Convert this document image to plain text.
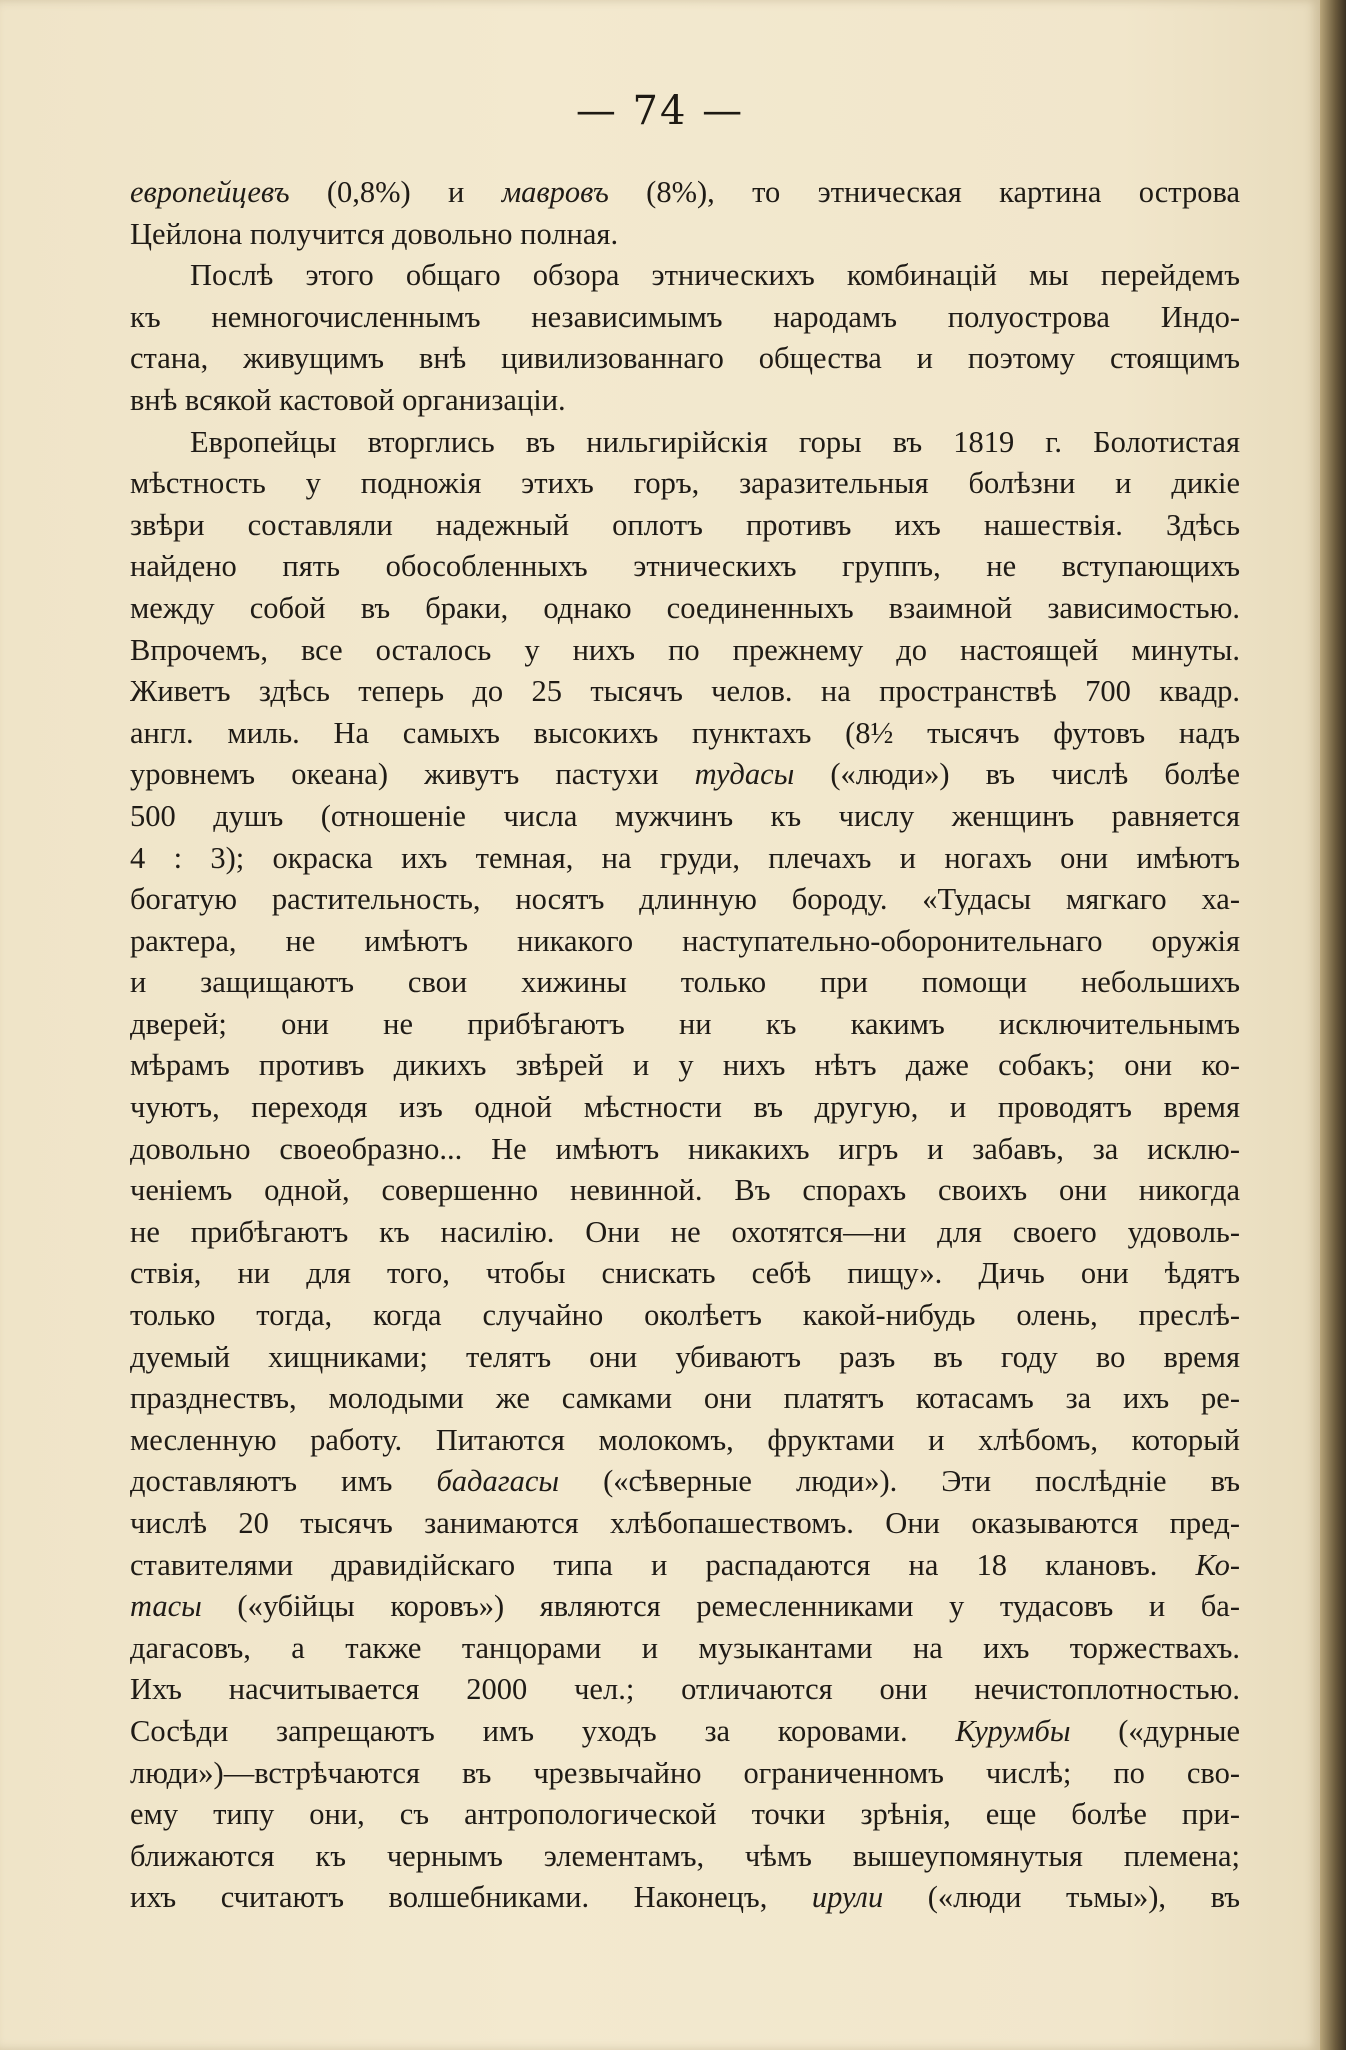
— 74 —

европейцевъ (0,8%) и мавровъ (8%), то этническая картина острова

Цейлона получится довольно полная.

Послѣ этого общаго обзора этническихъ комбинацій мы перейдемъ

къ немногочисленнымъ независимымъ народамъ полуострова Индо-

стана, живущимъ внѣ цивилизованнаго общества и поэтому стоящимъ

внѣ всякой кастовой организаціи.

Европейцы вторглись въ нильгирійскія горы въ 1819 г. Болотистая

мѣстность у подножія этихъ горъ, заразительныя болѣзни и дикіе

звѣри составляли надежный оплотъ противъ ихъ нашествія. Здѣсь

найдено пять обособленныхъ этническихъ группъ, не вступающихъ

между собой въ браки, однако соединенныхъ взаимной зависимостью.

Впрочемъ, все осталось у нихъ по прежнему до настоящей минуты.

Живетъ здѣсь теперь до 25 тысячъ челов. на пространствѣ 700 квадр.

англ. миль. На самыхъ высокихъ пунктахъ (8½ тысячъ футовъ надъ

уровнемъ океана) живутъ пастухи тудасы («люди») въ числѣ болѣе

500 душъ (отношеніе числа мужчинъ къ числу женщинъ равняется

4 : 3); окраска ихъ темная, на груди, плечахъ и ногахъ они имѣютъ

богатую растительность, носятъ длинную бороду. «Тудасы мягкаго ха-

рактера, не имѣютъ никакого наступательно-оборонительнаго оружія

и защищаютъ свои хижины только при помощи небольшихъ

дверей; они не прибѣгаютъ ни къ какимъ исключительнымъ

мѣрамъ противъ дикихъ звѣрей и у нихъ нѣтъ даже собакъ; они ко-

чуютъ, переходя изъ одной мѣстности въ другую, и проводятъ время

довольно своеобразно... Не имѣютъ никакихъ игръ и забавъ, за исклю-

ченіемъ одной, совершенно невинной. Въ спорахъ своихъ они никогда

не прибѣгаютъ къ насилію. Они не охотятся—ни для своего удоволь-

ствія, ни для того, чтобы снискать себѣ пищу». Дичь они ѣдятъ

только тогда, когда случайно околѣетъ какой-нибудь олень, преслѣ-

дуемый хищниками; телятъ они убиваютъ разъ въ году во время

празднествъ, молодыми же самками они платятъ котасамъ за ихъ ре-

месленную работу. Питаются молокомъ, фруктами и хлѣбомъ, который

доставляютъ имъ бадагасы («сѣверные люди»). Эти послѣдніе въ

числѣ 20 тысячъ занимаются хлѣбопашествомъ. Они оказываются пред-

ставителями дравидійскаго типа и распадаются на 18 клановъ. Ко-

тасы («убійцы коровъ») являются ремесленниками у тудасовъ и ба-

дагасовъ, а также танцорами и музыкантами на ихъ торжествахъ.

Ихъ насчитывается 2000 чел.; отличаются они нечистоплотностью.

Сосѣди запрещаютъ имъ уходъ за коровами. Курумбы («дурные

люди»)—встрѣчаются въ чрезвычайно ограниченномъ числѣ; по сво-

ему типу они, съ антропологической точки зрѣнія, еще болѣе при-

ближаются къ чернымъ элементамъ, чѣмъ вышеупомянутыя племена;

ихъ считаютъ волшебниками. Наконецъ, ирули («люди тьмы»), въ
